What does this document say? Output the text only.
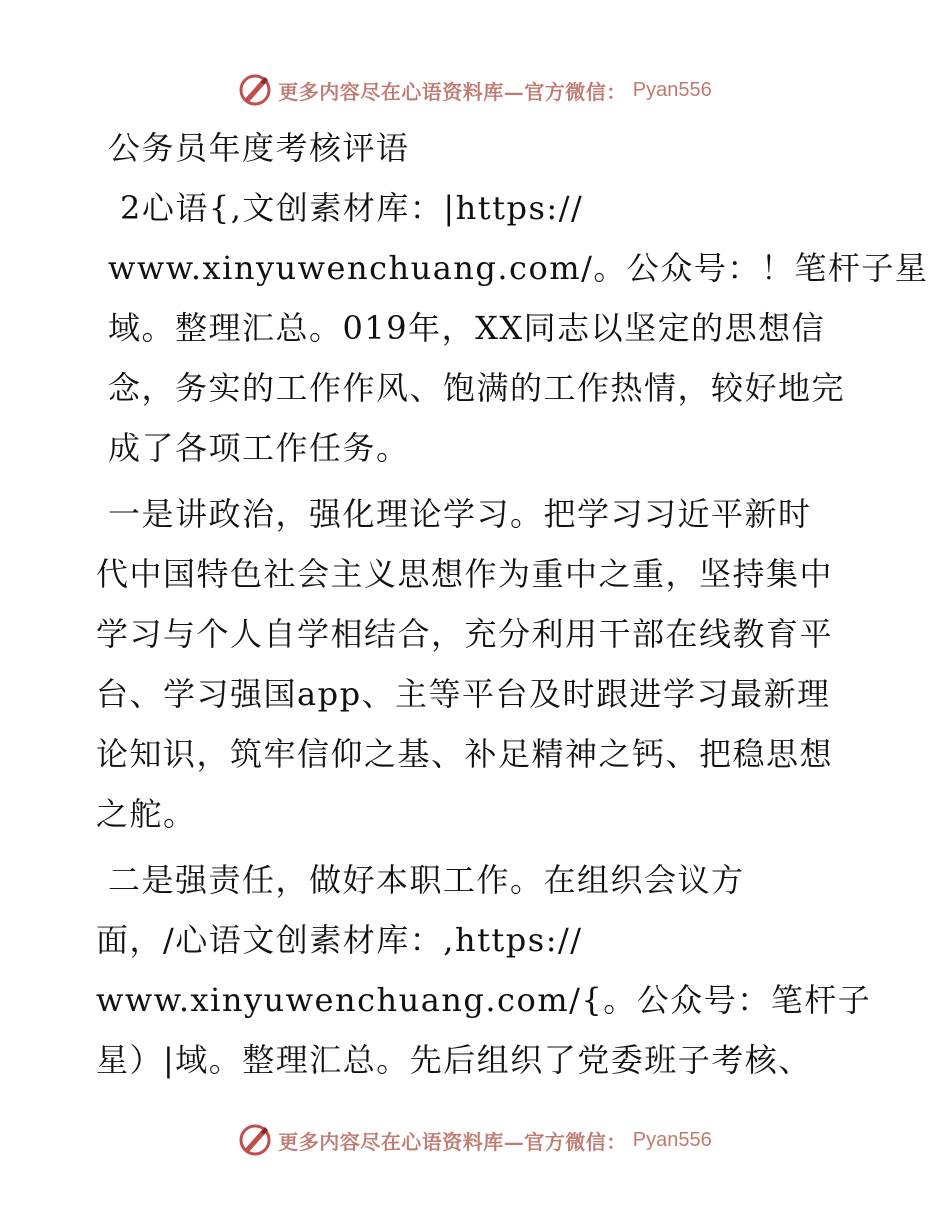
更多内容尽在心语资料库—官方微信： Pyan556

公务员年度考核评语

2心语{,文创素材库：|https://
www.xinyuwenchuang.com/。公众号：！笔杆子星
域。整理汇总。019年，XX同志以坚定的思想信
念，务实的工作作风、饱满的工作热情，较好地完
成了各项工作任务。

一是讲政治，强化理论学习。把学习习近平新时
代中国特色社会主义思想作为重中之重，坚持集中
学习与个人自学相结合，充分利用干部在线教育平
台、学习强国app、主等平台及时跟进学习最新理
论知识，筑牢信仰之基、补足精神之钙、把稳思想
之舵。

二是强责任，做好本职工作。在组织会议方
面，/心语文创素材库：,https://
www.xinyuwenchuang.com/{。公众号：笔杆子
星）|域。整理汇总。先后组织了党委班子考核、

更多内容尽在心语资料库—官方微信： Pyan556
